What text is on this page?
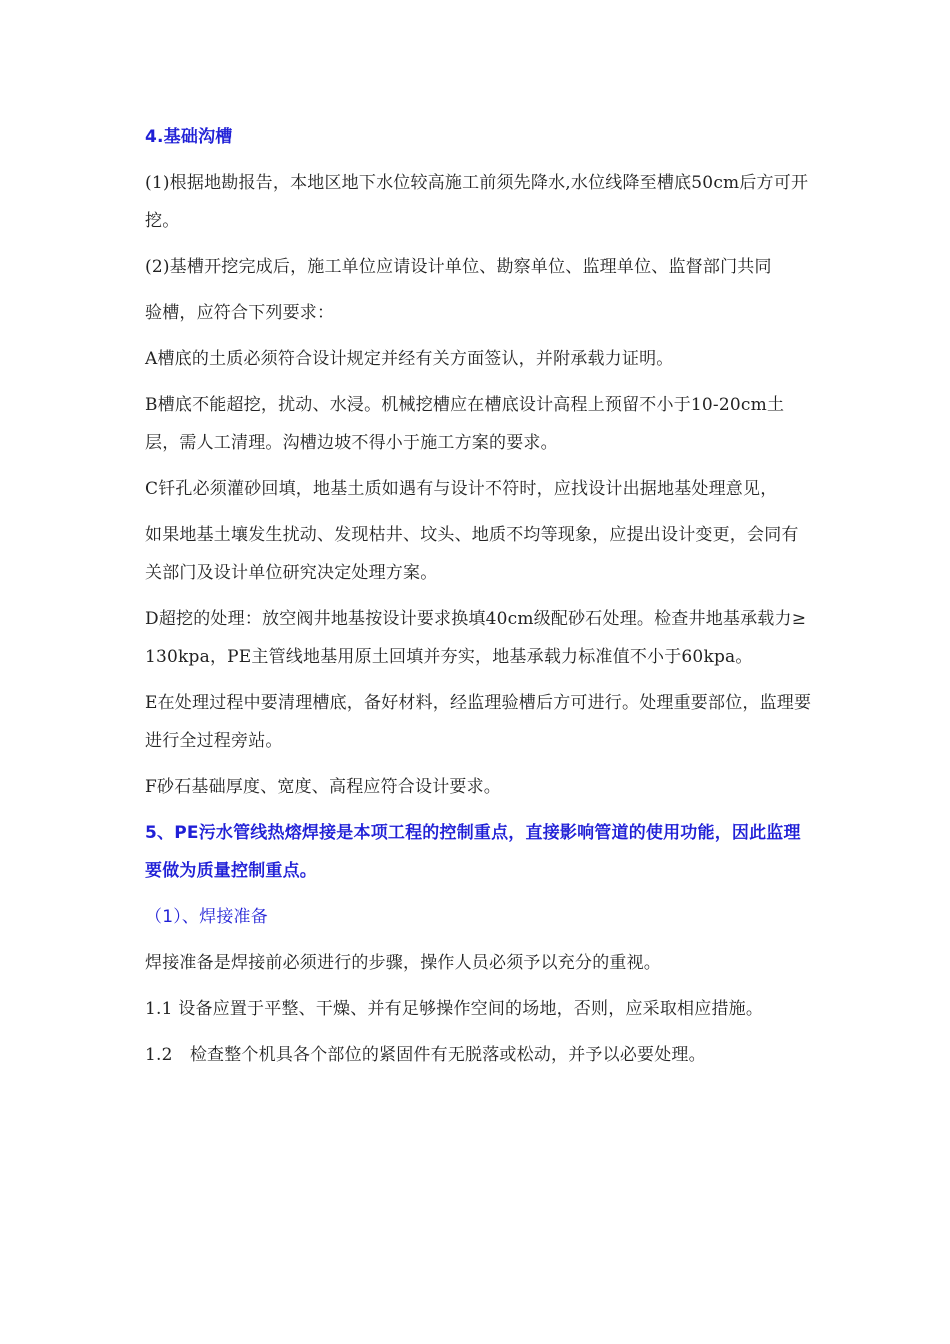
4.基础沟槽
(1)根据地勘报告，本地区地下水位较高施工前须先降水,水位线降至槽底50cm后方可开挖。
(2)基槽开挖完成后，施工单位应请设计单位、勘察单位、监理单位、监督部门共同
验槽，应符合下列要求：
A槽底的土质必须符合设计规定并经有关方面签认，并附承载力证明。
B槽底不能超挖，扰动、水浸。机械挖槽应在槽底设计高程上预留不小于10-20cm土层，需人工清理。沟槽边坡不得小于施工方案的要求。
C钎孔必须灌砂回填，地基土质如遇有与设计不符时，应找设计出据地基处理意见，
如果地基土壤发生扰动、发现枯井、坟头、地质不均等现象，应提出设计变更，会同有关部门及设计单位研究决定处理方案。
D超挖的处理：放空阀井地基按设计要求换填40cm级配砂石处理。检查井地基承载力≥130kpa，PE主管线地基用原土回填并夯实，地基承载力标准值不小于60kpa。
E在处理过程中要清理槽底，备好材料，经监理验槽后方可进行。处理重要部位，监理要进行全过程旁站。
F砂石基础厚度、宽度、高程应符合设计要求。
5、PE污水管线热熔焊接是本项工程的控制重点，直接影响管道的使用功能，因此监理要做为质量控制重点。
（1）、焊接准备
焊接准备是焊接前必须进行的步骤，操作人员必须予以充分的重视。
1.1 设备应置于平整、干燥、并有足够操作空间的场地，否则，应采取相应措施。
1.2　检查整个机具各个部位的紧固件有无脱落或松动，并予以必要处理。
